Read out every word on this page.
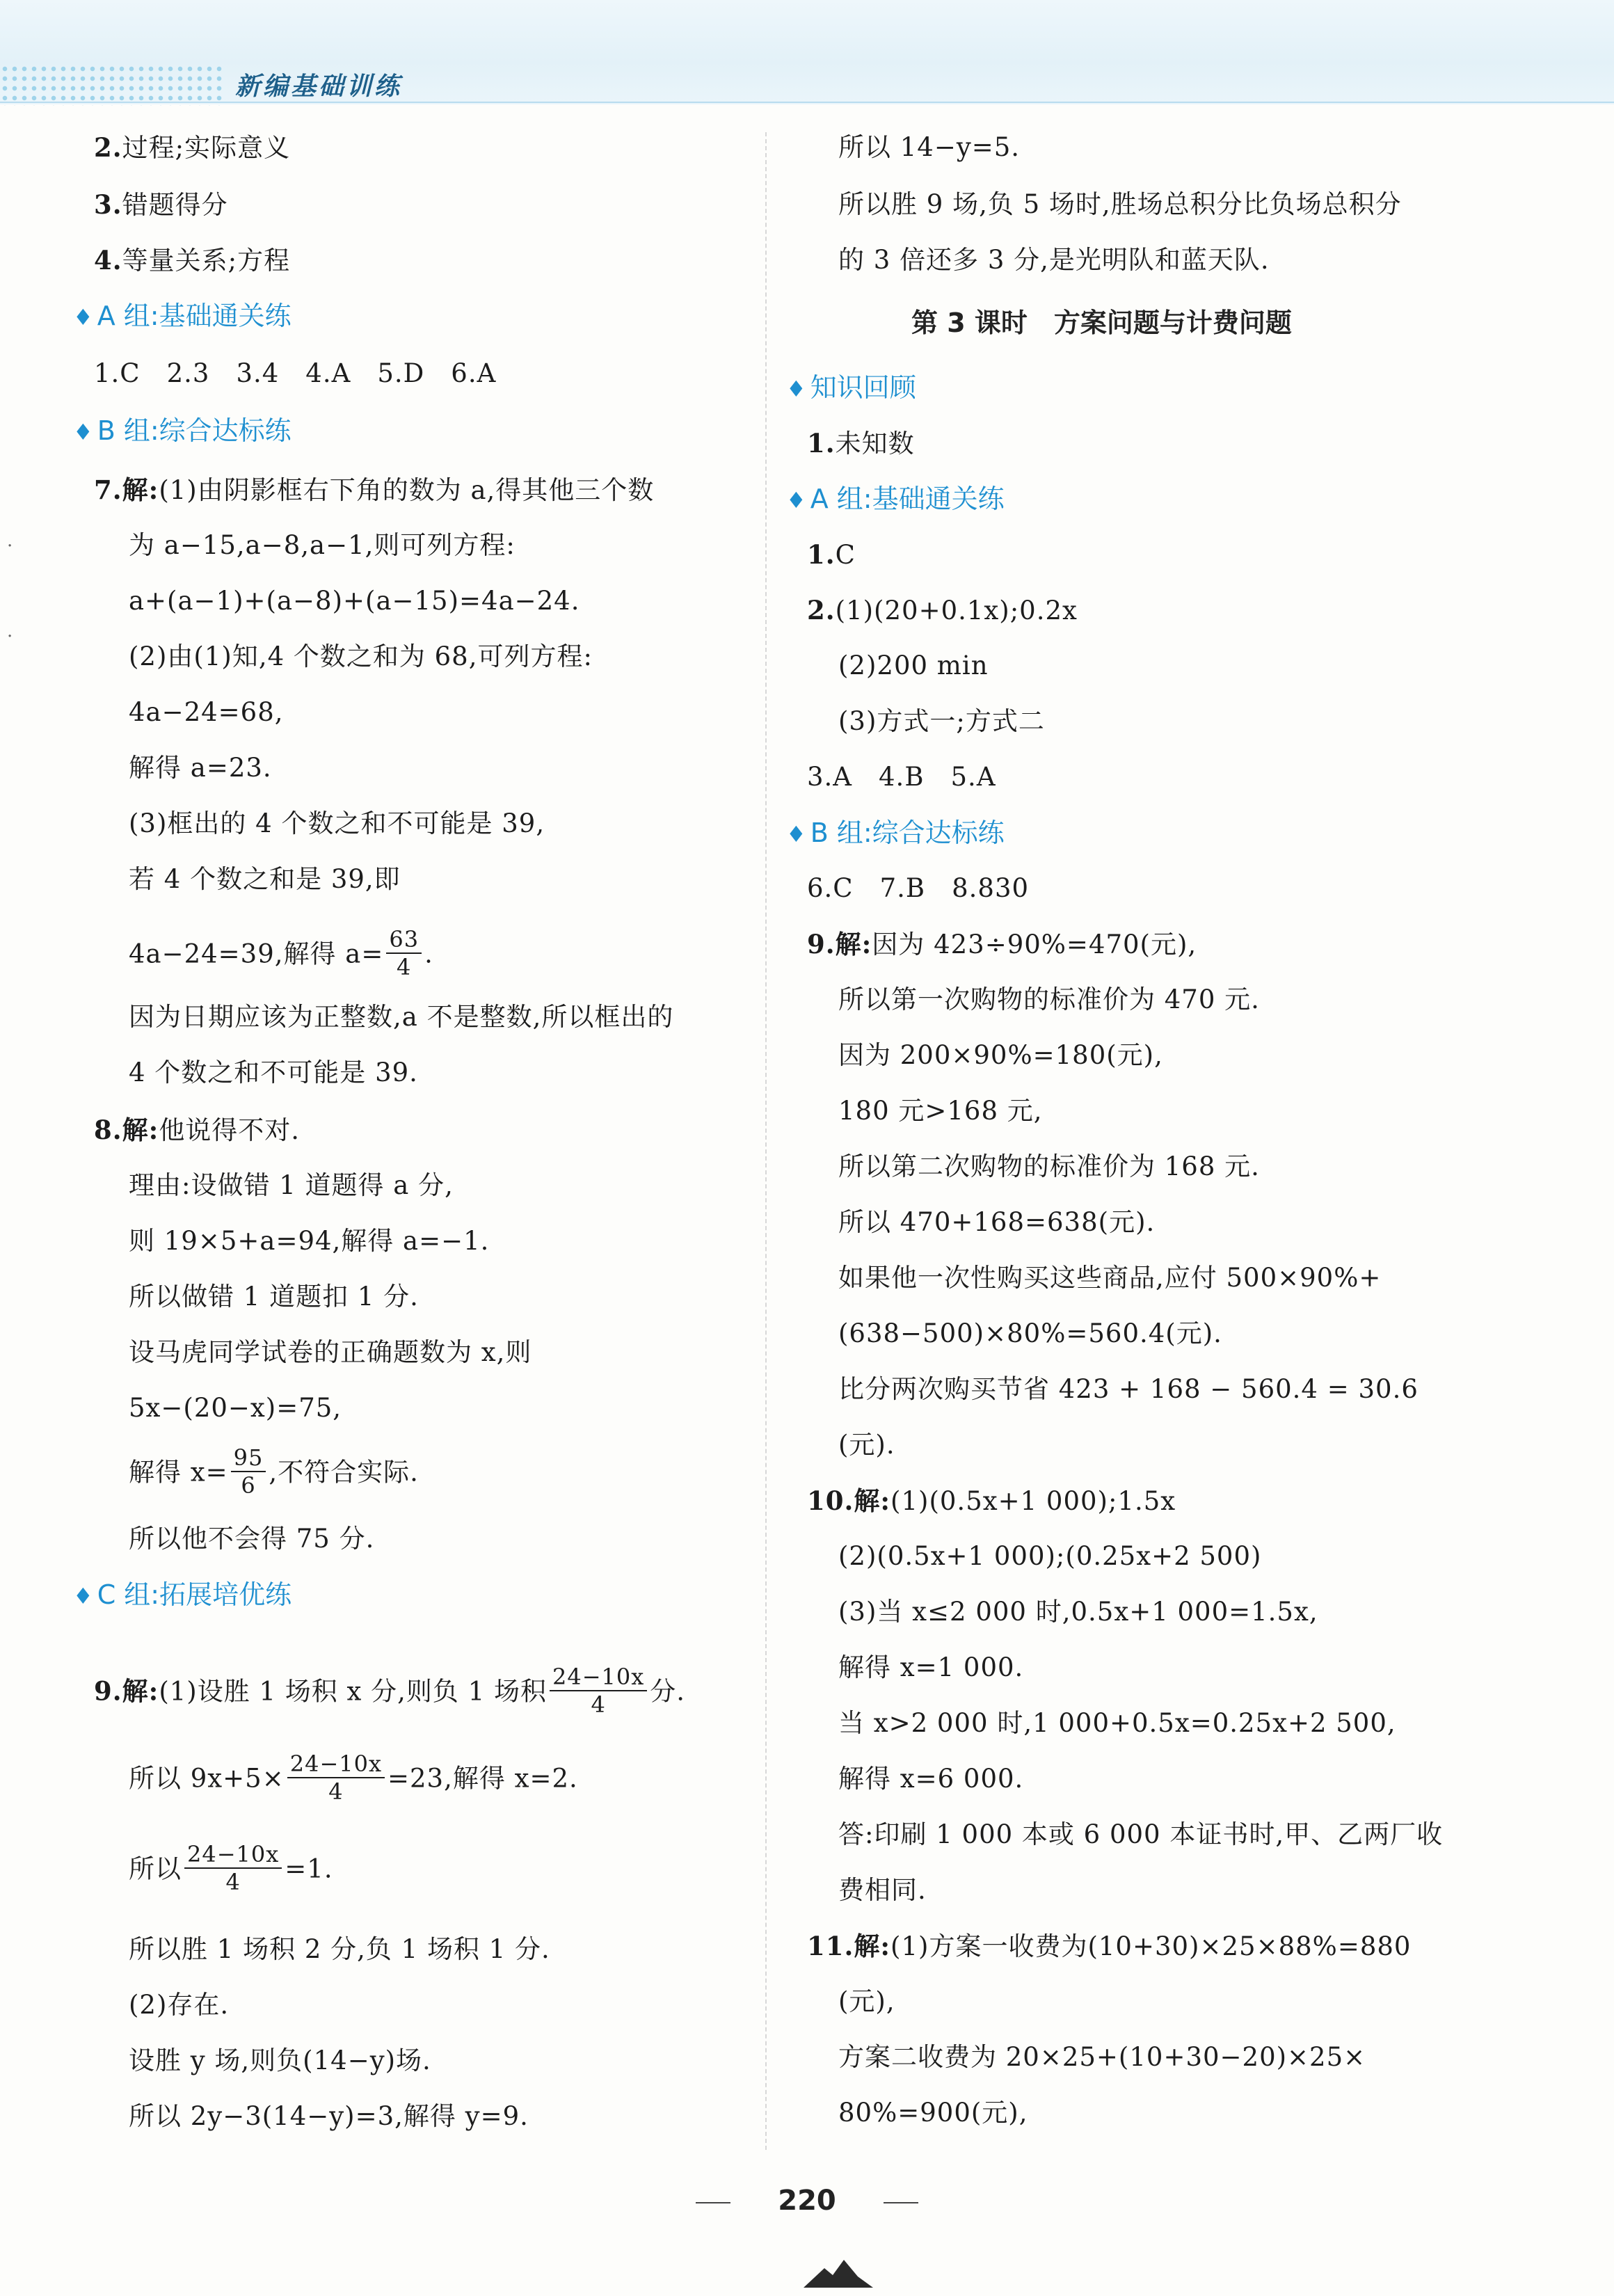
新编基础训练
·
·
2.过程;实际意义
3.错题得分
4.等量关系;方程
♦ A 组:基础通关练
1.C　2.3　3.4　4.A　5.D　6.A
♦ B 组:综合达标练
7.解:(1)由阴影框右下角的数为 a,得其他三个数
为 a−15,a−8,a−1,则可列方程:
a+(a−1)+(a−8)+(a−15)=4a−24.
(2)由(1)知,4 个数之和为 68,可列方程:
4a−24=68,
解得 a=23.
(3)框出的 4 个数之和不可能是 39,
若 4 个数之和是 39,即
4a−24=39,解得 $a= \frac{63}{4}$ .
因为日期应该为正整数,a 不是整数,所以框出的
4 个数之和不可能是 39.
8.解:他说得不对.
理由:设做错 1 道题得 a 分,
则 19×5+a=94,解得 a=−1.
所以做错 1 道题扣 1 分.
设马虎同学试卷的正确题数为 x,则
5x−(20−x)=75,
解得 $x= \frac{95}{6}$ ,不符合实际.
所以他不会得 75 分.
♦ C 组:拓展培优练
9.解:(1)设胜 1 场积 x 分,则负 1 场积 $\frac{24-10x}{4}$ 分.
所以 $9x+5\times \frac{24-10x}{4} =23$,解得 x=2.
所以 $\frac{24-10x}{4} =1$.
所以胜 1 场积 2 分,负 1 场积 1 分.
(2)存在.
设胜 y 场,则负(14−y)场.
所以 2y−3(14−y)=3,解得 y=9.
所以 14−y=5.
所以胜 9 场,负 5 场时,胜场总积分比负场总积分
的 3 倍还多 3 分,是光明队和蓝天队.
第 3 课时　方案问题与计费问题
♦ 知识回顾
1.未知数
♦ A 组:基础通关练
1.C
2.(1)(20+0.1x);0.2x
(2)200 min
(3)方式一;方式二
3.A　4.B　5.A
♦ B 组:综合达标练
6.C　7.B　8.830
9.解:因为 423÷90%=470(元),
所以第一次购物的标准价为 470 元.
因为 200×90%=180(元),
180 元>168 元,
所以第二次购物的标准价为 168 元.
所以 470+168=638(元).
如果他一次性购买这些商品,应付 500×90%+
(638−500)×80%=560.4(元).
比分两次购买节省 423 + 168 − 560.4 = 30.6
(元).
10.解:(1)(0.5x+1 000);1.5x
(2)(0.5x+1 000);(0.25x+2 500)
(3)当 x≤2 000 时,0.5x+1 000=1.5x,
解得 x=1 000.
当 x>2 000 时,1 000+0.5x=0.25x+2 500,
解得 x=6 000.
答:印刷 1 000 本或 6 000 本证书时,甲、乙两厂收
费相同.
11.解:(1)方案一收费为(10+30)×25×88%=880
(元),
方案二收费为 20×25+(10+30−20)×25×
80%=900(元),
220
